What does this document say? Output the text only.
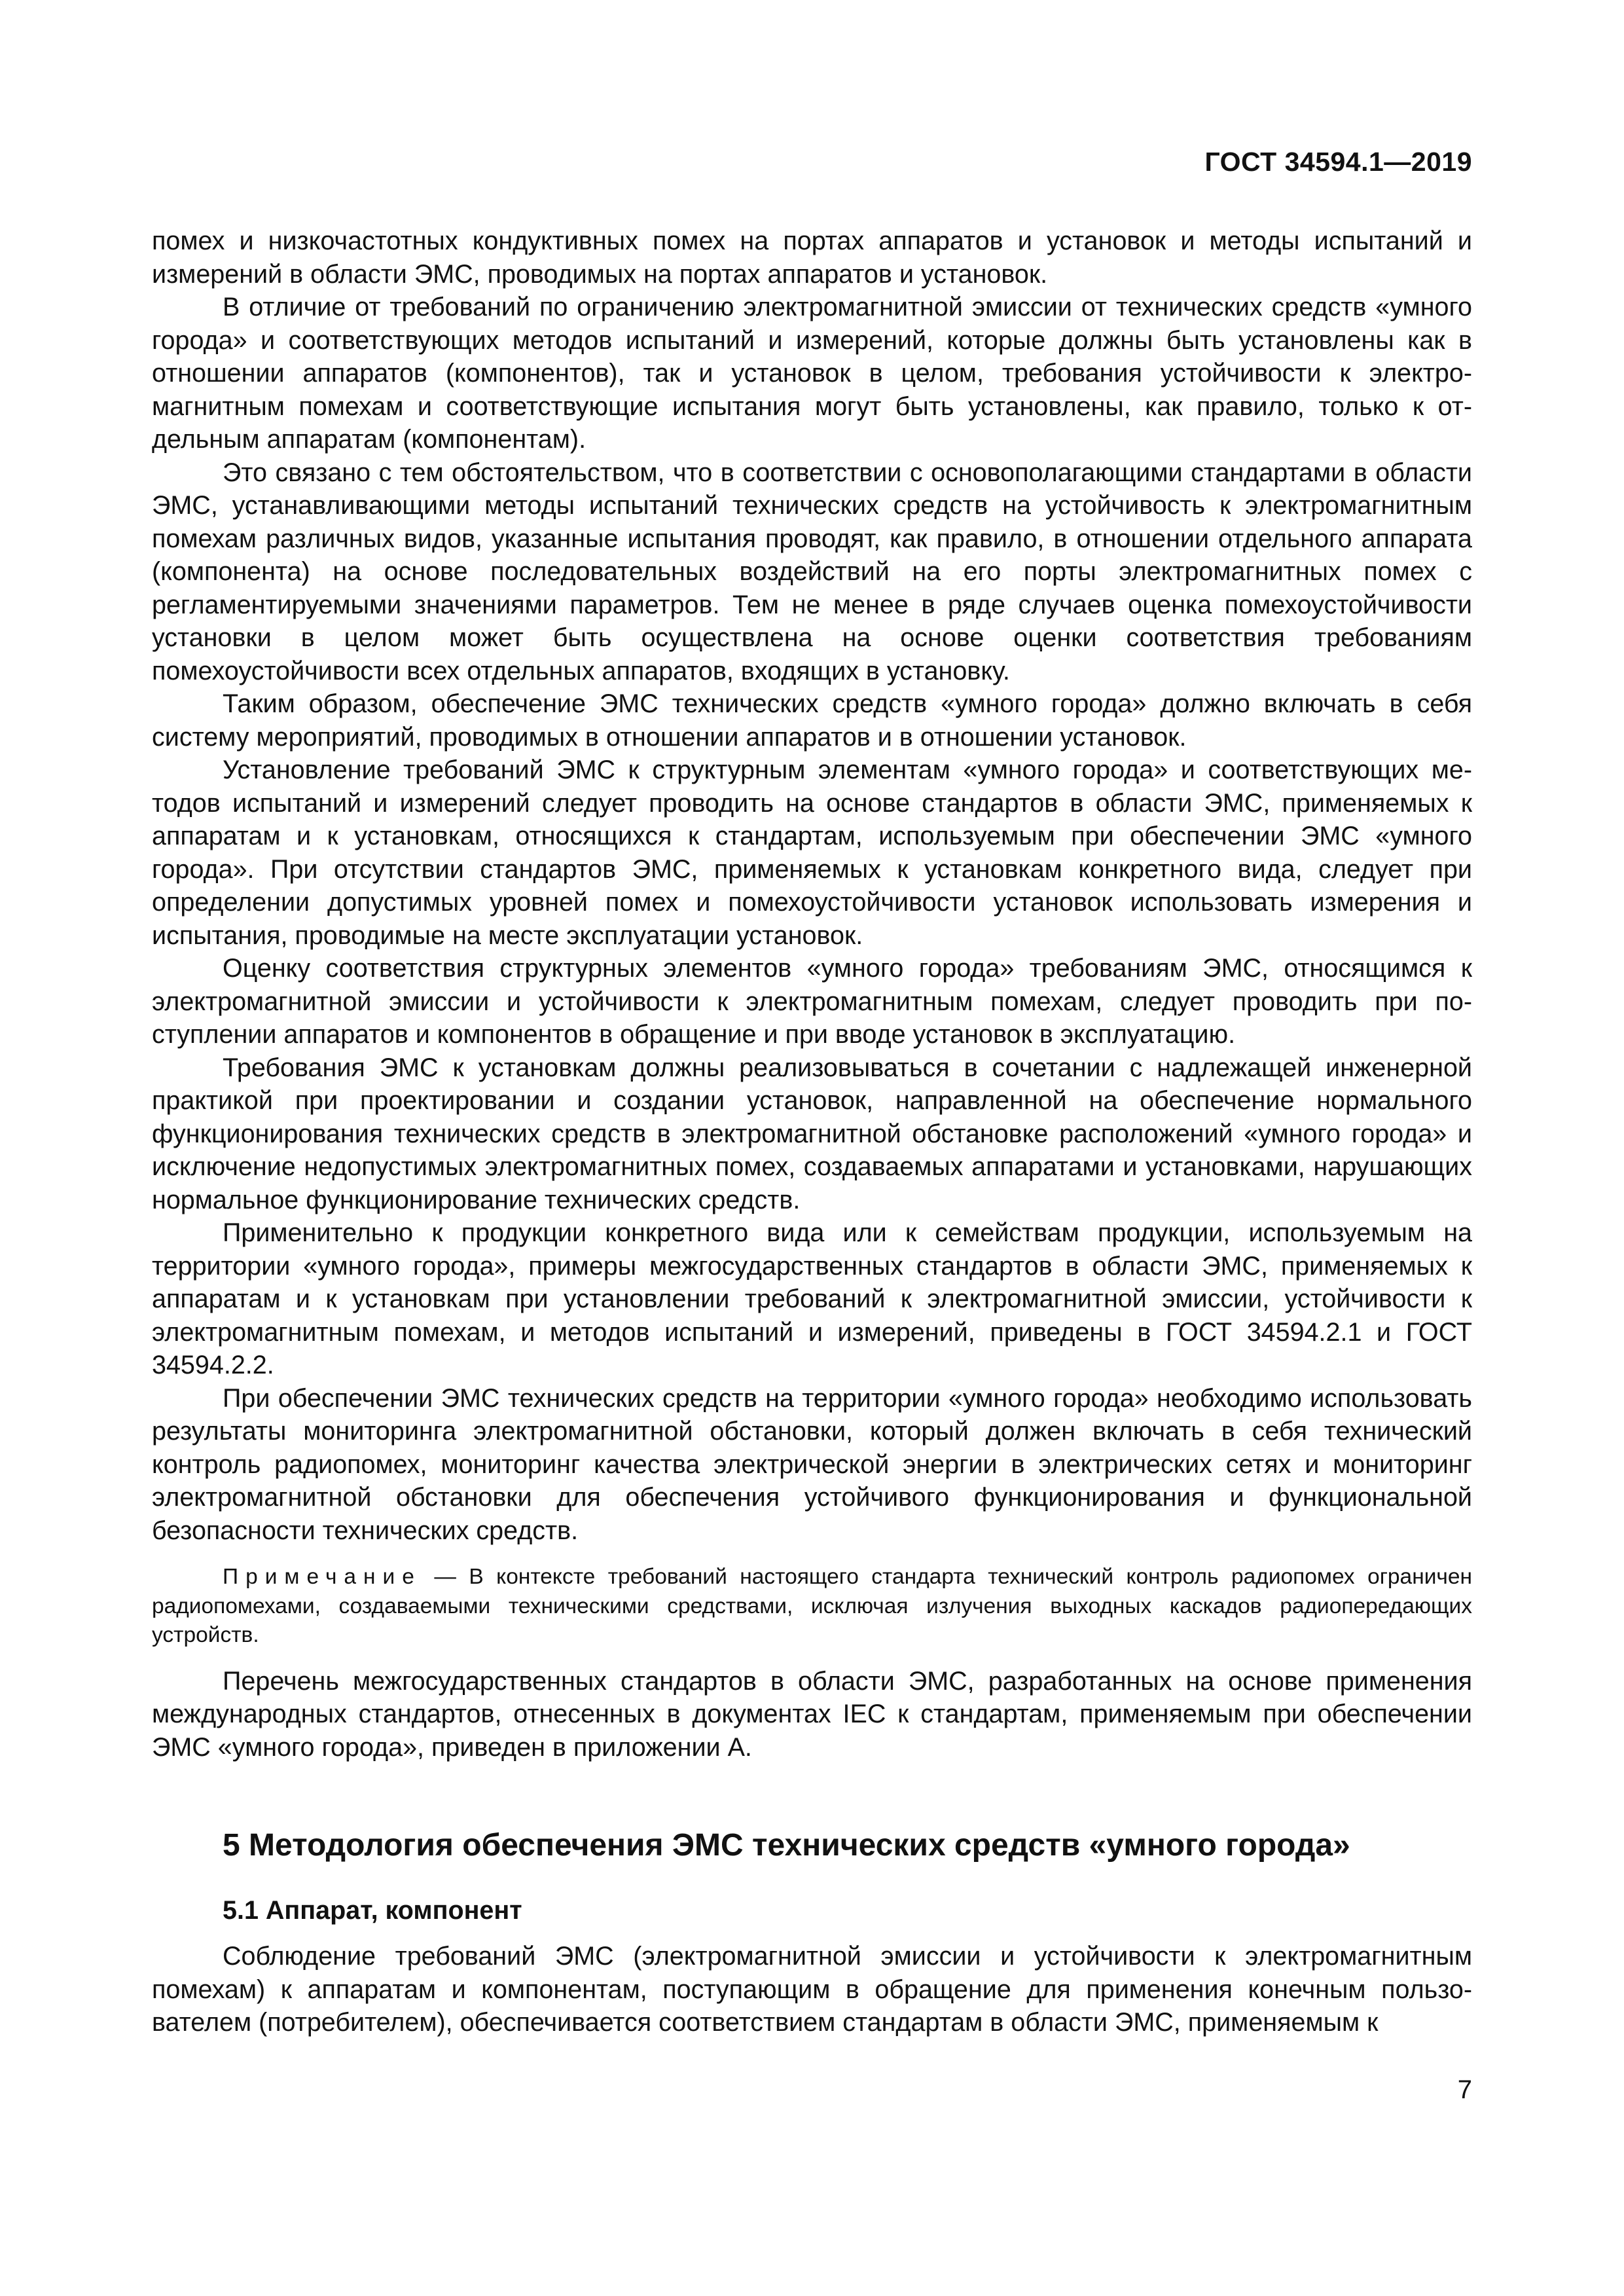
ГОСТ 34594.1—2019

помех и низкочастотных кондуктивных помех на портах аппаратов и установок и методы испытаний и измерений в области ЭМС, проводимых на портах аппаратов и установок.

В отличие от требований по ограничению электромагнитной эмиссии от технических средств «умного города» и соответствующих методов испытаний и измерений, которые должны быть установлены как в отношении аппаратов (компонентов), так и установок в целом, требования устойчивости к электромагнитным помехам и соответствующие испытания могут быть установлены, как правило, только к отдельным аппаратам (компонентам).

Это связано с тем обстоятельством, что в соответствии с основополагающими стандартами в области ЭМС, устанавливающими методы испытаний технических средств на устойчивость к электромагнитным помехам различных видов, указанные испытания проводят, как правило, в отношении отдельного аппарата (компонента) на основе последовательных воздействий на его порты электромагнитных помех с регламентируемыми значениями параметров. Тем не менее в ряде случаев оценка помехоустойчивости установки в целом может быть осуществлена на основе оценки соответствия требованиям помехоустойчивости всех отдельных аппаратов, входящих в установку.

Таким образом, обеспечение ЭМС технических средств «умного города» должно включать в себя систему мероприятий, проводимых в отношении аппаратов и в отношении установок.

Установление требований ЭМС к структурным элементам «умного города» и соответствующих методов испытаний и измерений следует проводить на основе стандартов в области ЭМС, применяемых к аппаратам и к установкам, относящихся к стандартам, используемым при обеспечении ЭМС «умного города». При отсутствии стандартов ЭМС, применяемых к установкам конкретного вида, следует при определении допустимых уровней помех и помехоустойчивости установок использовать измерения и испытания, проводимые на месте эксплуатации установок.

Оценку соответствия структурных элементов «умного города» требованиям ЭМС, относящимся к электромагнитной эмиссии и устойчивости к электромагнитным помехам, следует проводить при поступлении аппаратов и компонентов в обращение и при вводе установок в эксплуатацию.

Требования ЭМС к установкам должны реализовываться в сочетании с надлежащей инженерной практикой при проектировании и создании установок, направленной на обеспечение нормального функционирования технических средств в электромагнитной обстановке расположений «умного города» и исключение недопустимых электромагнитных помех, создаваемых аппаратами и установками, нарушающих нормальное функционирование технических средств.

Применительно к продукции конкретного вида или к семействам продукции, используемым на территории «умного города», примеры межгосударственных стандартов в области ЭМС, применяемых к аппаратам и к установкам при установлении требований к электромагнитной эмиссии, устойчивости к электромагнитным помехам, и методов испытаний и измерений, приведены в ГОСТ 34594.2.1 и ГОСТ 34594.2.2.

При обеспечении ЭМС технических средств на территории «умного города» необходимо использовать результаты мониторинга электромагнитной обстановки, который должен включать в себя технический контроль радиопомех, мониторинг качества электрической энергии в электрических сетях и мониторинг электромагнитной обстановки для обеспечения устойчивого функционирования и функциональной безопасности технических средств.

Примечание — В контексте требований настоящего стандарта технический контроль радиопомех ограничен радиопомехами, создаваемыми техническими средствами, исключая излучения выходных каскадов радиопередающих устройств.

Перечень межгосударственных стандартов в области ЭМС, разработанных на основе применения международных стандартов, отнесенных в документах IEC к стандартам, применяемым при обеспечении ЭМС «умного города», приведен в приложении А.

5 Методология обеспечения ЭМС технических средств «умного города»
5.1 Аппарат, компонент

Соблюдение требований ЭМС (электромагнитной эмиссии и устойчивости к электромагнитным помехам) к аппаратам и компонентам, поступающим в обращение для применения конечным пользователем (потребителем), обеспечивается соответствием стандартам в области ЭМС, применяемым к

7
